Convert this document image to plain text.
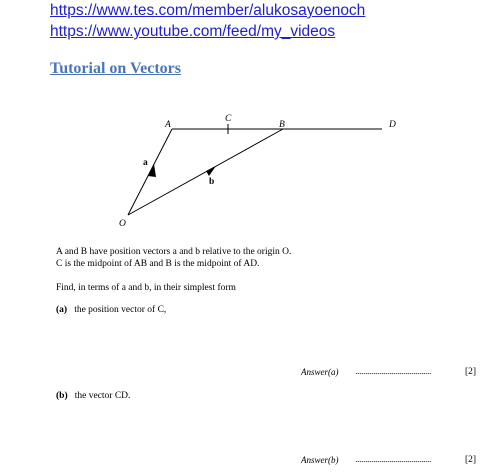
https://www.tes.com/member/alukosayoenoch
https://www.youtube.com/feed/my_videos
Tutorial on Vectors
A
C
B	D
O
a
b
A and B have position vectors a and b relative to the origin O.
C is the midpoint of AB and B is the midpoint of AD.
Find, in terms of a and b, in their simplest form
(a) the position vector of C,
Answer(a) ......................................	[2]
(b) the vector CD.
Answer(b) ......................................	[2]
